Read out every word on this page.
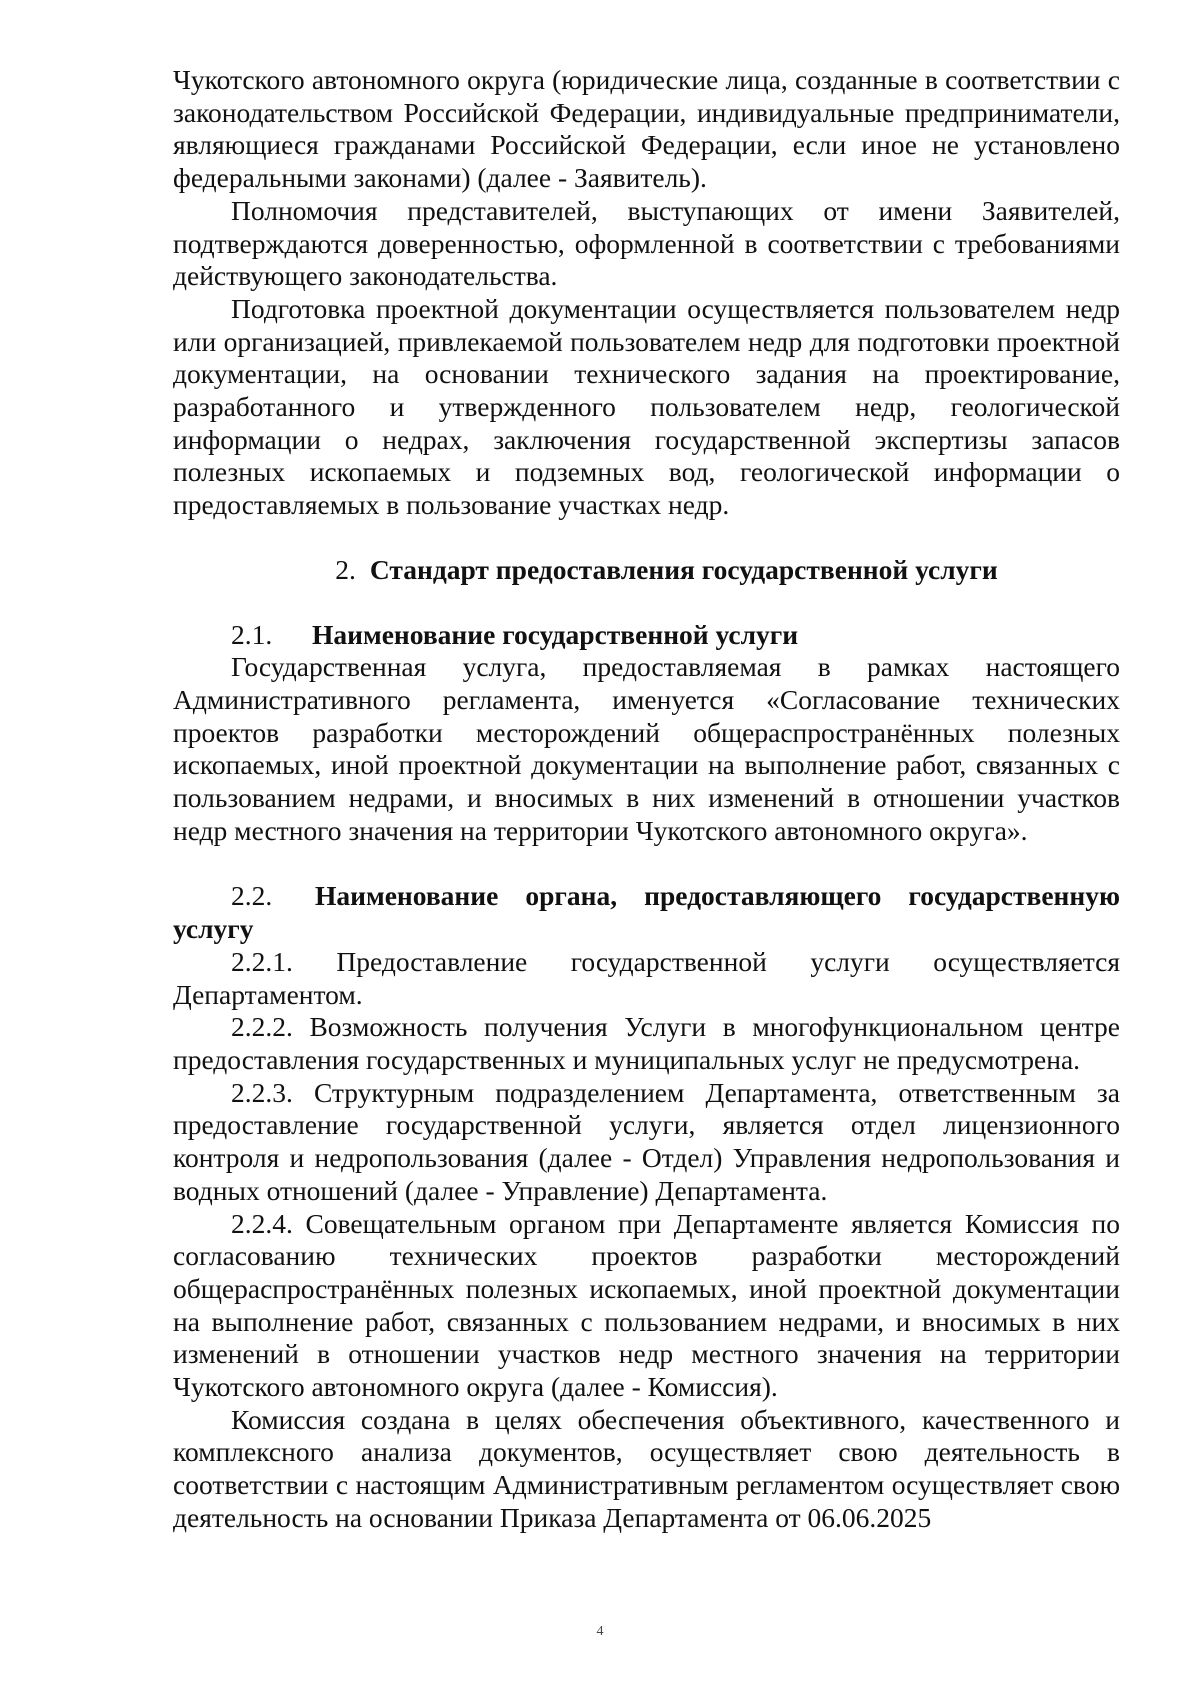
Чукотского автономного округа (юридические лица, созданные в соответствии с законодательством Российской Федерации, индивидуальные предприниматели, являющиеся гражданами Российской Федерации, если иное не установлено федеральными законами) (далее - Заявитель).

Полномочия представителей, выступающих от имени Заявителей, подтверждаются доверенностью, оформленной в соответствии с требованиями действующего законодательства.

Подготовка проектной документации осуществляется пользователем недр или организацией, привлекаемой пользователем недр для подготовки проектной документации, на основании технического задания на проектирование, разработанного и утвержденного пользователем недр, геологической информации о недрах, заключения государственной экспертизы запасов полезных ископаемых и подземных вод, геологической информации о предоставляемых в пользование участках недр.

2. Стандарт предоставления государственной услуги
2.1. Наименование государственной услуги

Государственная услуга, предоставляемая в рамках настоящего Административного регламента, именуется «Согласование технических проектов разработки месторождений общераспространённых полезных ископаемых, иной проектной документации на выполнение работ, связанных с пользованием недрами, и вносимых в них изменений в отношении участков недр местного значения на территории Чукотского автономного округа».

2.2. Наименование органа, предоставляющего государственную услугу

2.2.1. Предоставление государственной услуги осуществляется Департаментом.

2.2.2. Возможность получения Услуги в многофункциональном центре предоставления государственных и муниципальных услуг не предусмотрена.

2.2.3. Структурным подразделением Департамента, ответственным за предоставление государственной услуги, является отдел лицензионного контроля и недропользования (далее - Отдел) Управления недропользования и водных отношений (далее - Управление) Департамента.

2.2.4. Совещательным органом при Департаменте является Комиссия по согласованию технических проектов разработки месторождений общераспространённых полезных ископаемых, иной проектной документации на выполнение работ, связанных с пользованием недрами, и вносимых в них изменений в отношении участков недр местного значения на территории Чукотского автономного округа (далее - Комиссия).

Комиссия создана в целях обеспечения объективного, качественного и комплексного анализа документов, осуществляет свою деятельность в соответствии с настоящим Административным регламентом осуществляет свою деятельность на основании Приказа Департамента от 06.06.2025

4
